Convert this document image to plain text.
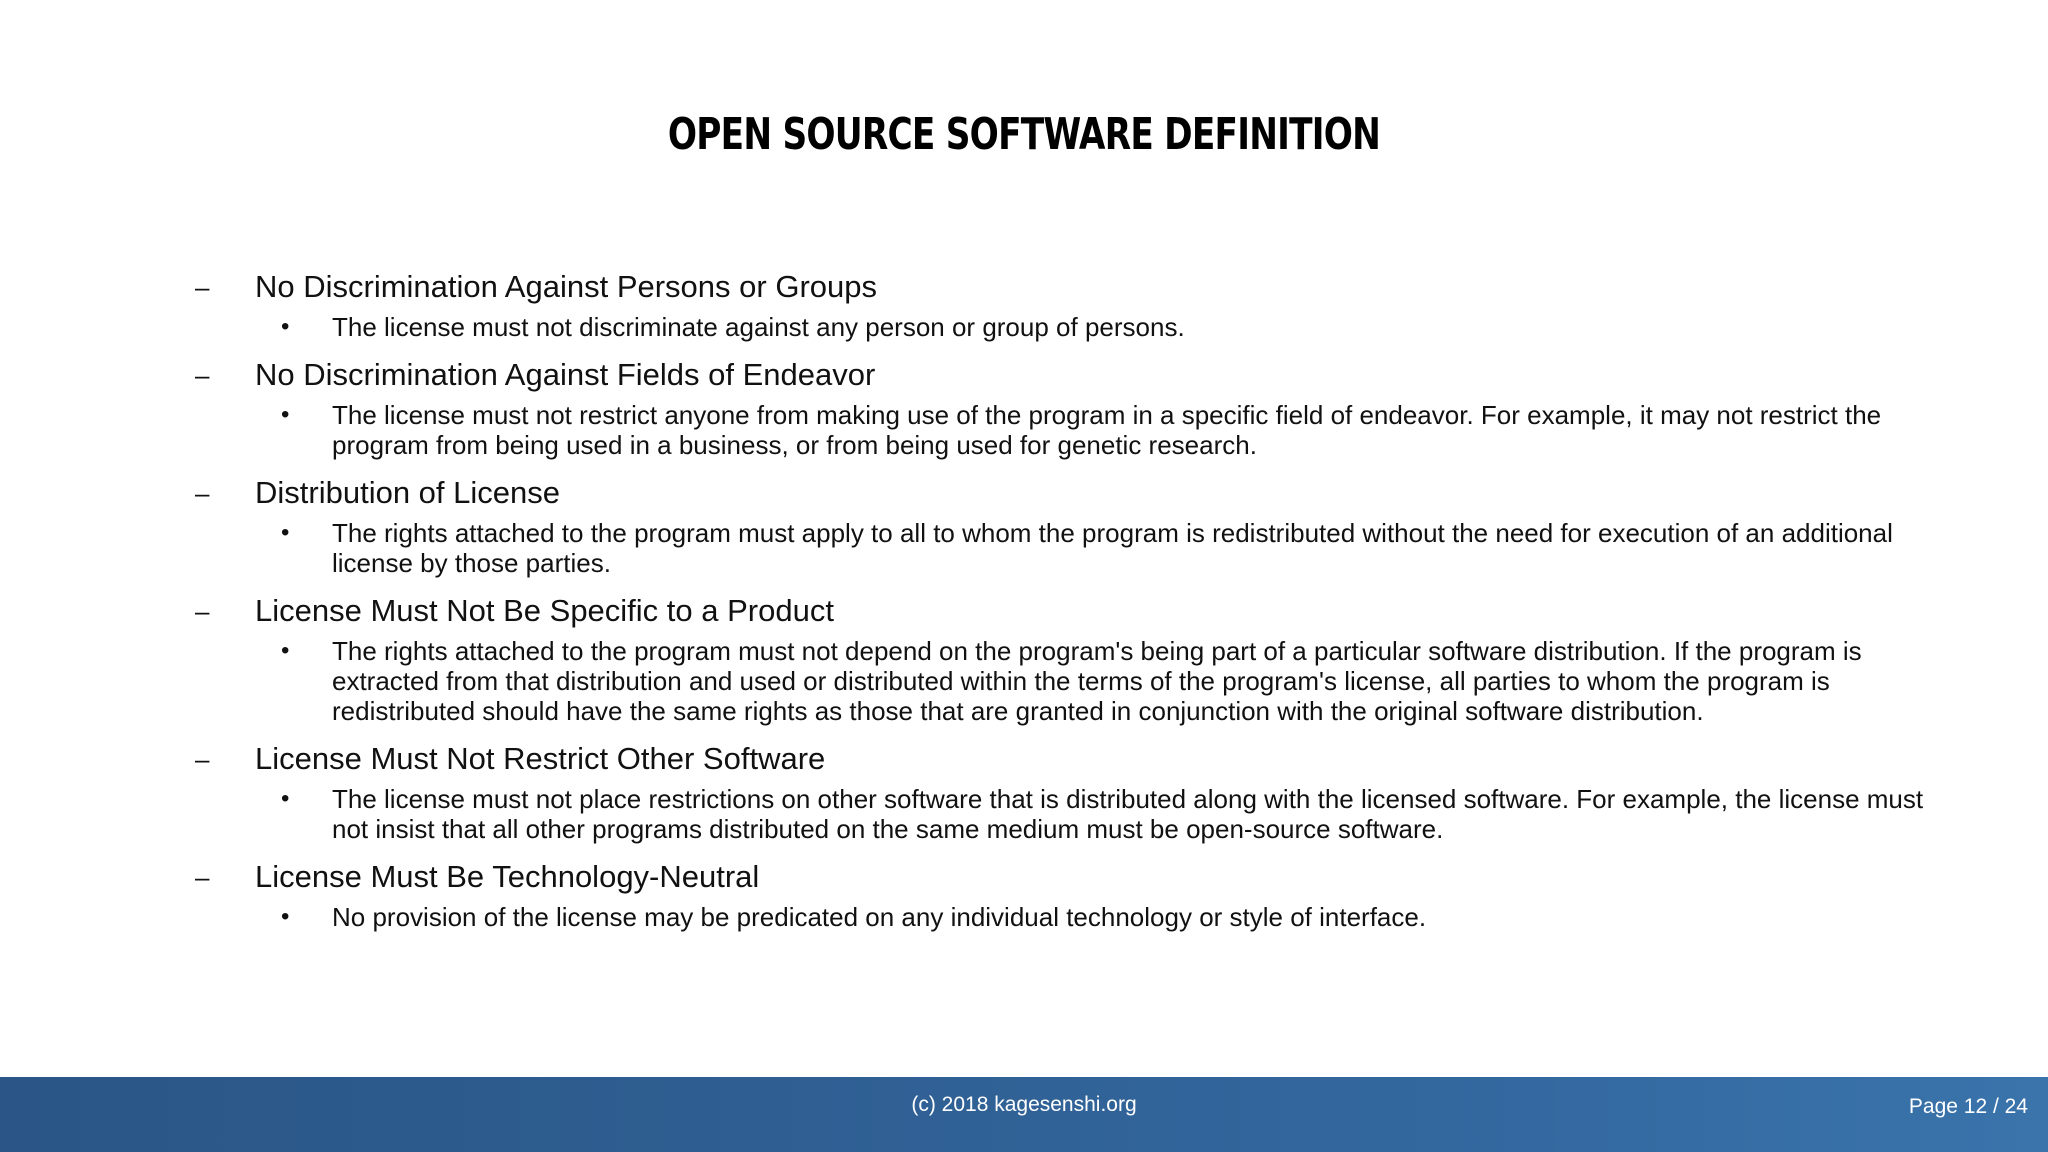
OPEN SOURCE SOFTWARE DEFINITION
– No Discrimination Against Persons or Groups
• The license must not discriminate against any person or group of persons.
– No Discrimination Against Fields of Endeavor
• The license must not restrict anyone from making use of the program in a specific field of endeavor. For example, it may not restrict the program from being used in a business, or from being used for genetic research.
– Distribution of License
• The rights attached to the program must apply to all to whom the program is redistributed without the need for execution of an additional license by those parties.
– License Must Not Be Specific to a Product
• The rights attached to the program must not depend on the program's being part of a particular software distribution. If the program is extracted from that distribution and used or distributed within the terms of the program's license, all parties to whom the program is redistributed should have the same rights as those that are granted in conjunction with the original software distribution.
– License Must Not Restrict Other Software
• The license must not place restrictions on other software that is distributed along with the licensed software. For example, the license must not insist that all other programs distributed on the same medium must be open-source software.
– License Must Be Technology-Neutral
• No provision of the license may be predicated on any individual technology or style of interface.
(c) 2018 kagesenshi.org	Page 12 / 24
